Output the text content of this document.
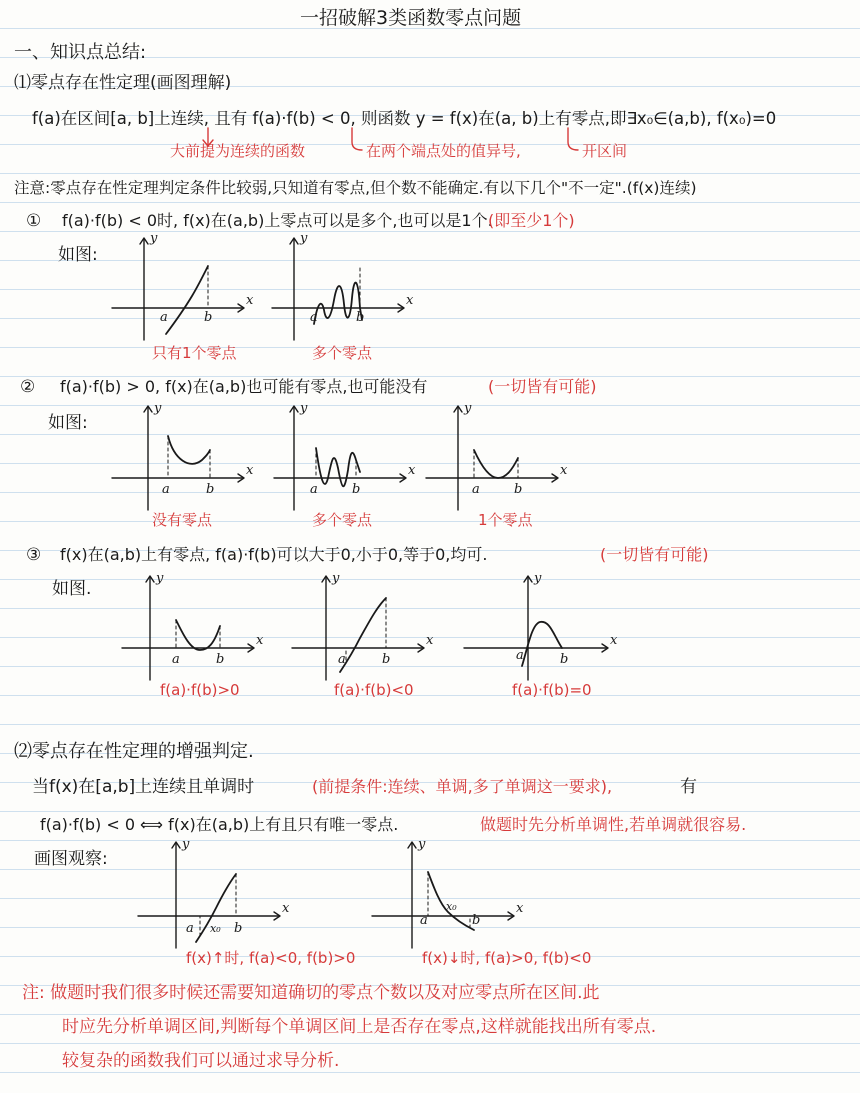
一招破解3类函数零点问题
一、知识点总结:
⑴零点存在性定理(画图理解)
f(a)在区间[a, b]上连续, 且有 f(a)·f(b) < 0, 则函数 y = f(x)在(a, b)上有零点,即∃x₀∈(a,b), f(x₀)=0
大前提为连续的函数	在两个端点处的值异号,	开区间
注意:零点存在性定理判定条件比较弱,只知道有零点,但个数不能确定.有以下几个"不一定".(f(x)连续)
① f(a)·f(b) < 0时, f(x)在(a,b)上零点可以是多个,也可以是1个.
(即至少1个)
如图:
y
x
a	b
只有1个零点
y
x
a	b
多个零点
② f(a)·f(b) > 0, f(x)在(a,b)也可能有零点,也可能没有	(一切皆有可能)
如图:
y
x
a	b
没有零点
y
x
a	b
多个零点
y
x
a	b
1个零点
③ f(x)在(a,b)上有零点, f(a)·f(b)可以大于0,小于0,等于0,均可.	(一切皆有可能)
如图.
y
x
a	b
f(a)·f(b)>0
y
x
a	b
f(a)·f(b)<0
y
x
a	b
f(a)·f(b)=0
⑵零点存在性定理的增强判定.
当f(x)在[a,b]上连续且单调时	(前提条件:连续、单调,多了单调这一要求),	有
f(a)·f(b) < 0 ⟺ f(x)在(a,b)上有且只有唯一零点.	做题时先分析单调性,若单调就很容易.
画图观察:
y
x
a x₀ b
f(x)↑时, f(a)<0, f(b)>0
y
x
a
x₀
b
f(x)↓时, f(a)>0, f(b)<0
注: 做题时我们很多时候还需要知道确切的零点个数以及对应零点所在区间.此
时应先分析单调区间,判断每个单调区间上是否存在零点,这样就能找出所有零点.
较复杂的函数我们可以通过求导分析.
